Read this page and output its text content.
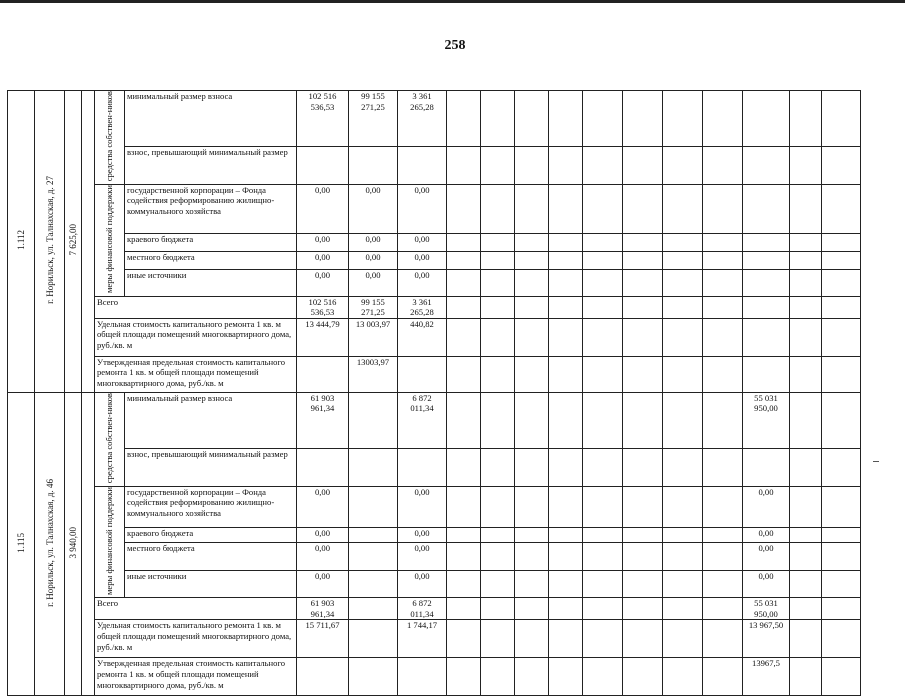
258
1.112	г. Норильск, ул. Талнахская, д. 27	7 625,00		средства собствен-ников	минимальный размер взноса	102 516 536,53	99 155 271,25	3 361 265,28											
					взнос, превышающий минимальный размер														
				меры финансовой поддержки	государственной корпорации – Фонда содействия реформированию жилищно-коммунального хозяйства	0,00	0,00	0,00											
					краевого бюджета	0,00	0,00	0,00											
					местного бюджета	0,00	0,00	0,00											
					иные источники	0,00	0,00	0,00											
				Всего		102 516 536,53	99 155 271,25	3 361 265,28											
				Удельная стоимость капитального ремонта 1 кв. м общей площади помещений многоквартирного дома, руб./кв. м		13 444,79	13 003,97	440,82											
				Утвержденная предельная стоимость капитального ремонта 1 кв. м общей площади помещений многоквартирного дома, руб./кв. м			13003,97												
1.115	г. Норильск, ул. Талнахская, д. 46	3 940,00		средства собствен-ников	минимальный размер взноса	61 903 961,34		6 872 011,34									55 031 950,00		
					взнос, превышающий минимальный размер														
				меры финансовой поддержки	государственной корпорации – Фонда содействия реформированию жилищно-коммунального хозяйства	0,00		0,00									0,00		
					краевого бюджета	0,00		0,00									0,00		
					местного бюджета	0,00		0,00									0,00		
					иные источники	0,00		0,00									0,00		
				Всего		61 903 961,34		6 872 011,34									55 031 950,00		
				Удельная стоимость капитального ремонта 1 кв. м общей площади помещений многоквартирного дома, руб./кв. м		15 711,67		1 744,17									13 967,50		
				Утвержденная предельная стоимость капитального ремонта 1 кв. м общей площади помещений многоквартирного дома, руб./кв. м													13967,5		
